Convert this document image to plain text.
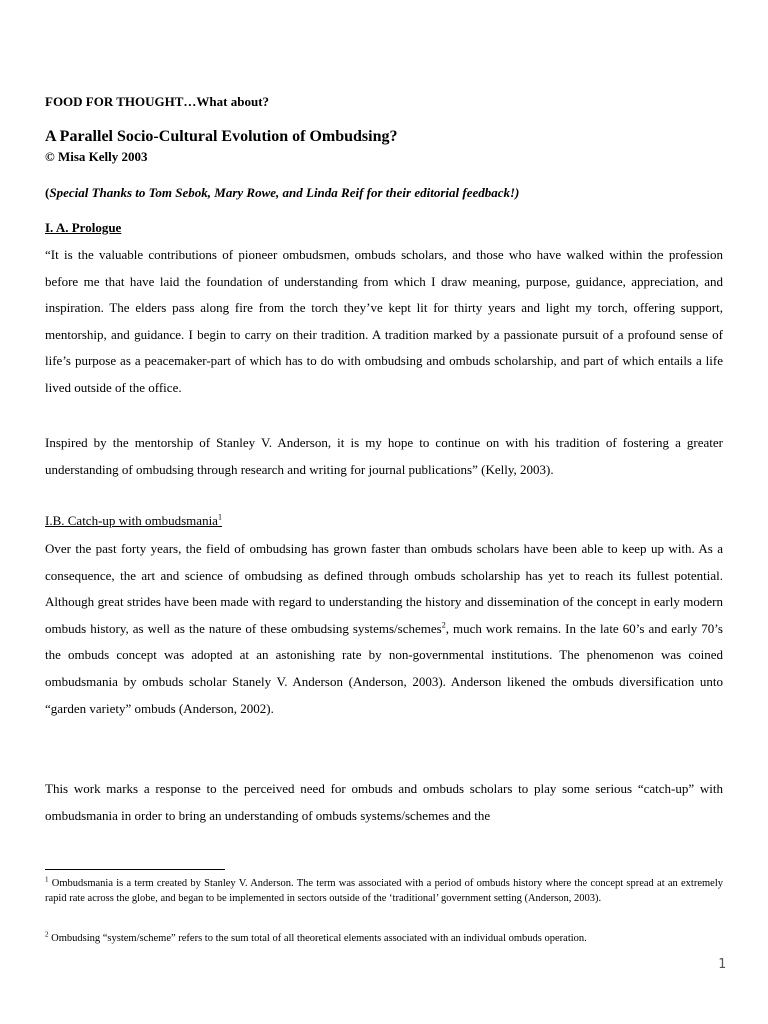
FOOD FOR THOUGHT…What about?
A Parallel Socio-Cultural Evolution of Ombudsing?
© Misa Kelly 2003
(Special Thanks to Tom Sebok, Mary Rowe, and Linda Reif for their editorial feedback!)
I. A. Prologue
“It is the valuable contributions of pioneer ombudsmen, ombuds scholars, and those who have walked within the profession before me that have laid the foundation of understanding from which I draw meaning, purpose, guidance, appreciation, and inspiration. The elders pass along fire from the torch they’ve kept lit for thirty years and light my torch, offering support, mentorship, and guidance. I begin to carry on their tradition. A tradition marked by a passionate pursuit of a profound sense of life’s purpose as a peacemaker-part of which has to do with ombudsing and ombuds scholarship, and part of which entails a life lived outside of the office.
Inspired by the mentorship of Stanley V. Anderson, it is my hope to continue on with his tradition of fostering a greater understanding of ombudsing through research and writing for journal publications” (Kelly, 2003).
I.B. Catch-up with ombudsmania$^1$
Over the past forty years, the field of ombudsing has grown faster than ombuds scholars have been able to keep up with. As a consequence, the art and science of ombudsing as defined through ombuds scholarship has yet to reach its fullest potential. Although great strides have been made with regard to understanding the history and dissemination of the concept in early modern ombuds history, as well as the nature of these ombudsing systems/schemes$^2$, much work remains. In the late 60’s and early 70’s the ombuds concept was adopted at an astonishing rate by non-governmental institutions. The phenomenon was coined ombudsmania by ombuds scholar Stanely V. Anderson (Anderson, 2003). Anderson likened the ombuds diversification unto “garden variety” ombuds (Anderson, 2002).
This work marks a response to the perceived need for ombuds and ombuds scholars to play some serious “catch-up” with ombudsmania in order to bring an understanding of ombuds systems/schemes and the
$^1$ Ombudsmania is a term created by Stanley V. Anderson. The term was associated with a period of ombuds history where the concept spread at an extremely rapid rate across the globe, and began to be implemented in sectors outside of the ‘traditional’ government setting (Anderson, 2003).
$^2$ Ombudsing “system/scheme” refers to the sum total of all theoretical elements associated with an individual ombuds operation.
1
